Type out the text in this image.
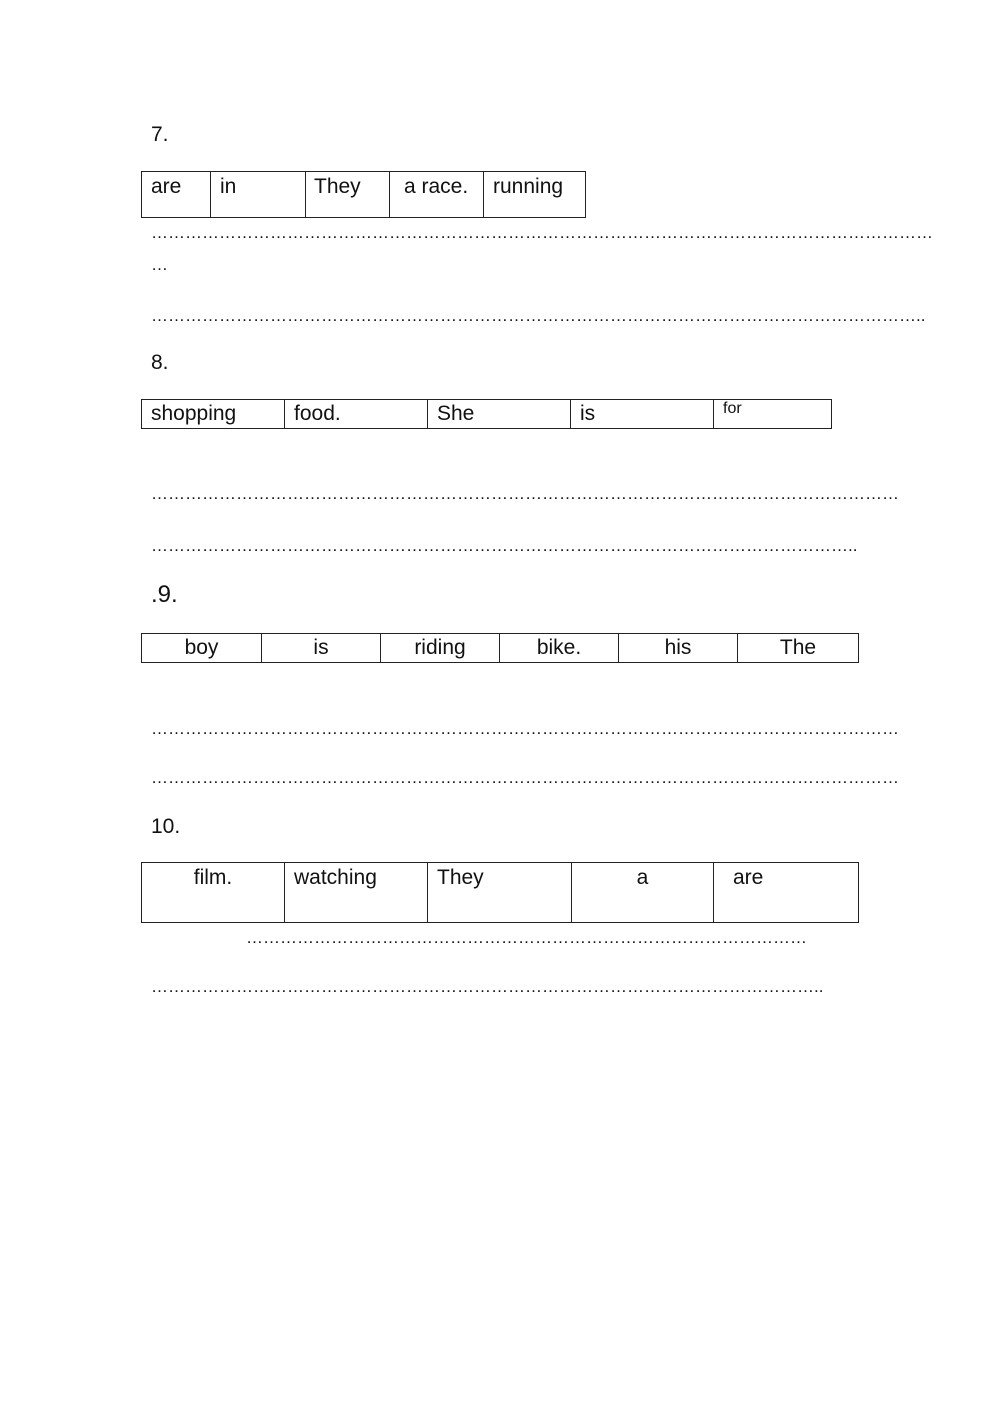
7.
are	in	They	a race.	running
…………………………………………………………………………………………………………………………
…
………………………………………………………………………………………………………………………..
8.
shopping	food.	She	is	for
……………………………………………………………………………………………………………………
……………………………………………………………………………………………………………..
.9.
boy	is	riding	bike.	his	The
……………………………………………………………………………………………………………………
……………………………………………………………………………………………………………………
10.
film.	watching	They	a	are
………………………………………………………………………………………
………………………………………………………………………………………………………..
